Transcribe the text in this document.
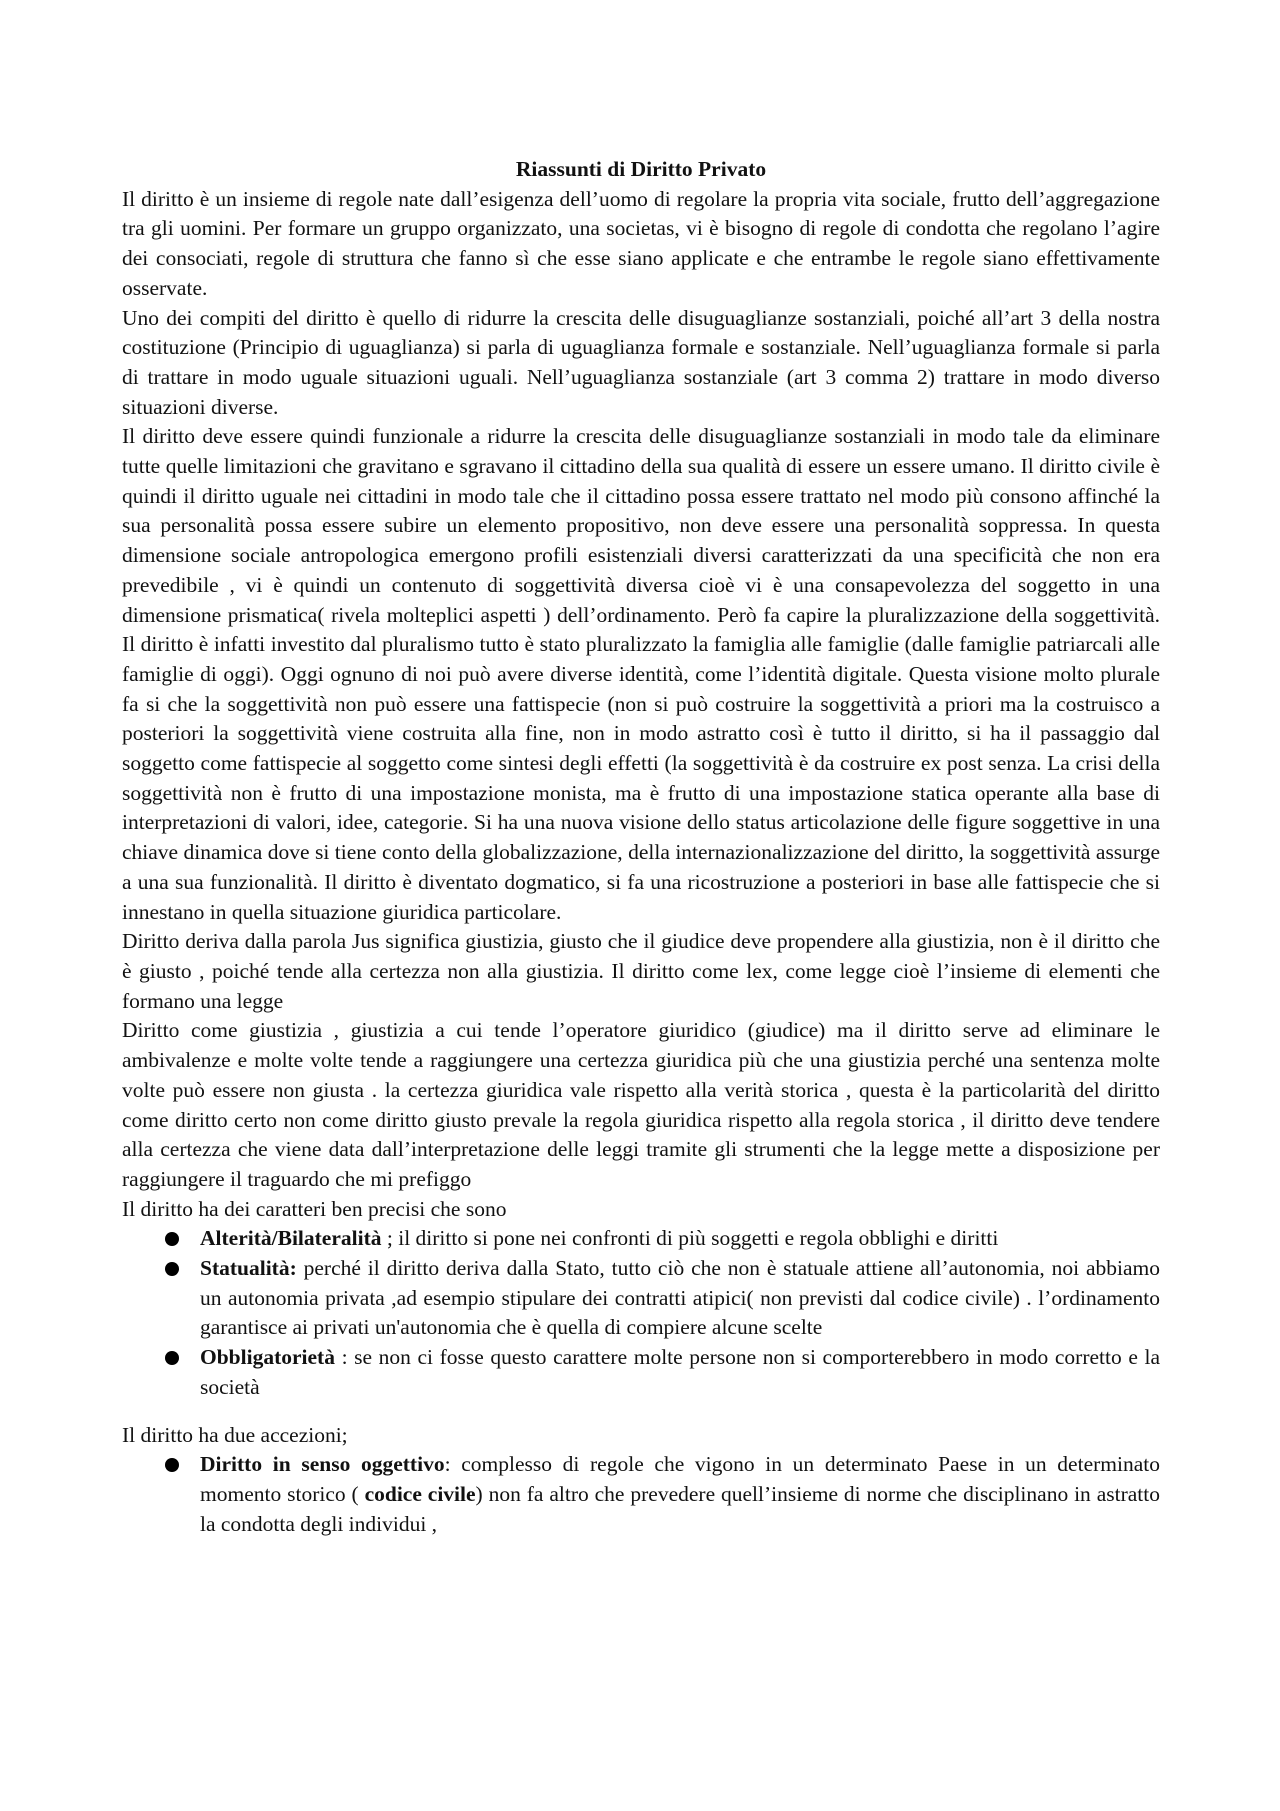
Riassunti di Diritto Privato

Il diritto è un insieme di regole nate dall’esigenza dell’uomo di regolare la propria vita sociale, frutto dell’aggregazione tra gli uomini. Per formare un gruppo organizzato, una societas, vi è bisogno di regole di condotta che regolano l’agire dei consociati, regole di struttura che fanno sì che esse siano applicate e che entrambe le regole siano effettivamente osservate.

Uno dei compiti del diritto è quello di ridurre la crescita delle disuguaglianze sostanziali, poiché all’art 3 della nostra costituzione (Principio di uguaglianza) si parla di uguaglianza formale e sostanziale. Nell’uguaglianza formale si parla di trattare in modo uguale situazioni uguali. Nell’uguaglianza sostanziale (art 3 comma 2) trattare in modo diverso situazioni diverse.

Il diritto deve essere quindi funzionale a ridurre la crescita delle disuguaglianze sostanziali in modo tale da eliminare tutte quelle limitazioni che gravitano e sgravano il cittadino della sua qualità di essere un essere umano. Il diritto civile è quindi il diritto uguale nei cittadini in modo tale che il cittadino possa essere trattato nel modo più consono affinché la sua personalità possa essere subire un elemento propositivo, non deve essere una personalità soppressa. In questa dimensione sociale antropologica emergono profili esistenziali diversi caratterizzati da una specificità che non era prevedibile , vi è quindi un contenuto di soggettività diversa cioè vi è una consapevolezza del soggetto in una dimensione prismatica( rivela molteplici aspetti ) dell’ordinamento. Però fa capire la pluralizzazione della soggettività. Il diritto è infatti investito dal pluralismo tutto è stato pluralizzato la famiglia alle famiglie (dalle famiglie patriarcali alle famiglie di oggi). Oggi ognuno di noi può avere diverse identità, come l’identità digitale. Questa visione molto plurale fa si che la soggettività non può essere una fattispecie (non si può costruire la soggettività a priori ma la costruisco a posteriori la soggettività viene costruita alla fine, non in modo astratto così è tutto il diritto, si ha il passaggio dal soggetto come fattispecie al soggetto come sintesi degli effetti (la soggettività è da costruire ex post senza. La crisi della soggettività non è frutto di una impostazione monista, ma è frutto di una impostazione statica operante alla base di interpretazioni di valori, idee, categorie. Si ha una nuova visione dello status articolazione delle figure soggettive in una chiave dinamica dove si tiene conto della globalizzazione, della internazionalizzazione del diritto, la soggettività assurge a una sua funzionalità. Il diritto è diventato dogmatico, si fa una ricostruzione a posteriori in base alle fattispecie che si innestano in quella situazione giuridica particolare.

Diritto deriva dalla parola Jus significa giustizia, giusto che il giudice deve propendere alla giustizia, non è il diritto che è giusto , poiché tende alla certezza non alla giustizia. Il diritto come lex, come legge cioè l’insieme di elementi che formano una legge

Diritto come giustizia , giustizia a cui tende l’operatore giuridico (giudice) ma il diritto serve ad eliminare le ambivalenze e molte volte tende a raggiungere una certezza giuridica più che una giustizia perché una sentenza molte volte può essere non giusta . la certezza giuridica vale rispetto alla verità storica , questa è la particolarità del diritto come diritto certo non come diritto giusto prevale la regola giuridica rispetto alla regola storica , il diritto deve tendere alla certezza che viene data dall’interpretazione delle leggi tramite gli strumenti che la legge mette a disposizione per raggiungere il traguardo che mi prefiggo

Il diritto ha dei caratteri ben precisi che sono

Alterità/Bilateralità ; il diritto si pone nei confronti di più soggetti e regola obblighi e diritti
Statualità: perché il diritto deriva dalla Stato, tutto ciò che non è statuale attiene all’autonomia, noi abbiamo un autonomia privata ,ad esempio stipulare dei contratti atipici( non previsti dal codice civile) . l’ordinamento garantisce ai privati un'autonomia che è quella di compiere alcune scelte
Obbligatorietà : se non ci fosse questo carattere molte persone non si comporterebbero in modo corretto e la società

Il diritto ha due accezioni;

Diritto in senso oggettivo: complesso di regole che vigono in un determinato Paese in un determinato momento storico ( codice civile) non fa altro che prevedere quell’insieme di norme che disciplinano in astratto la condotta degli individui ,
